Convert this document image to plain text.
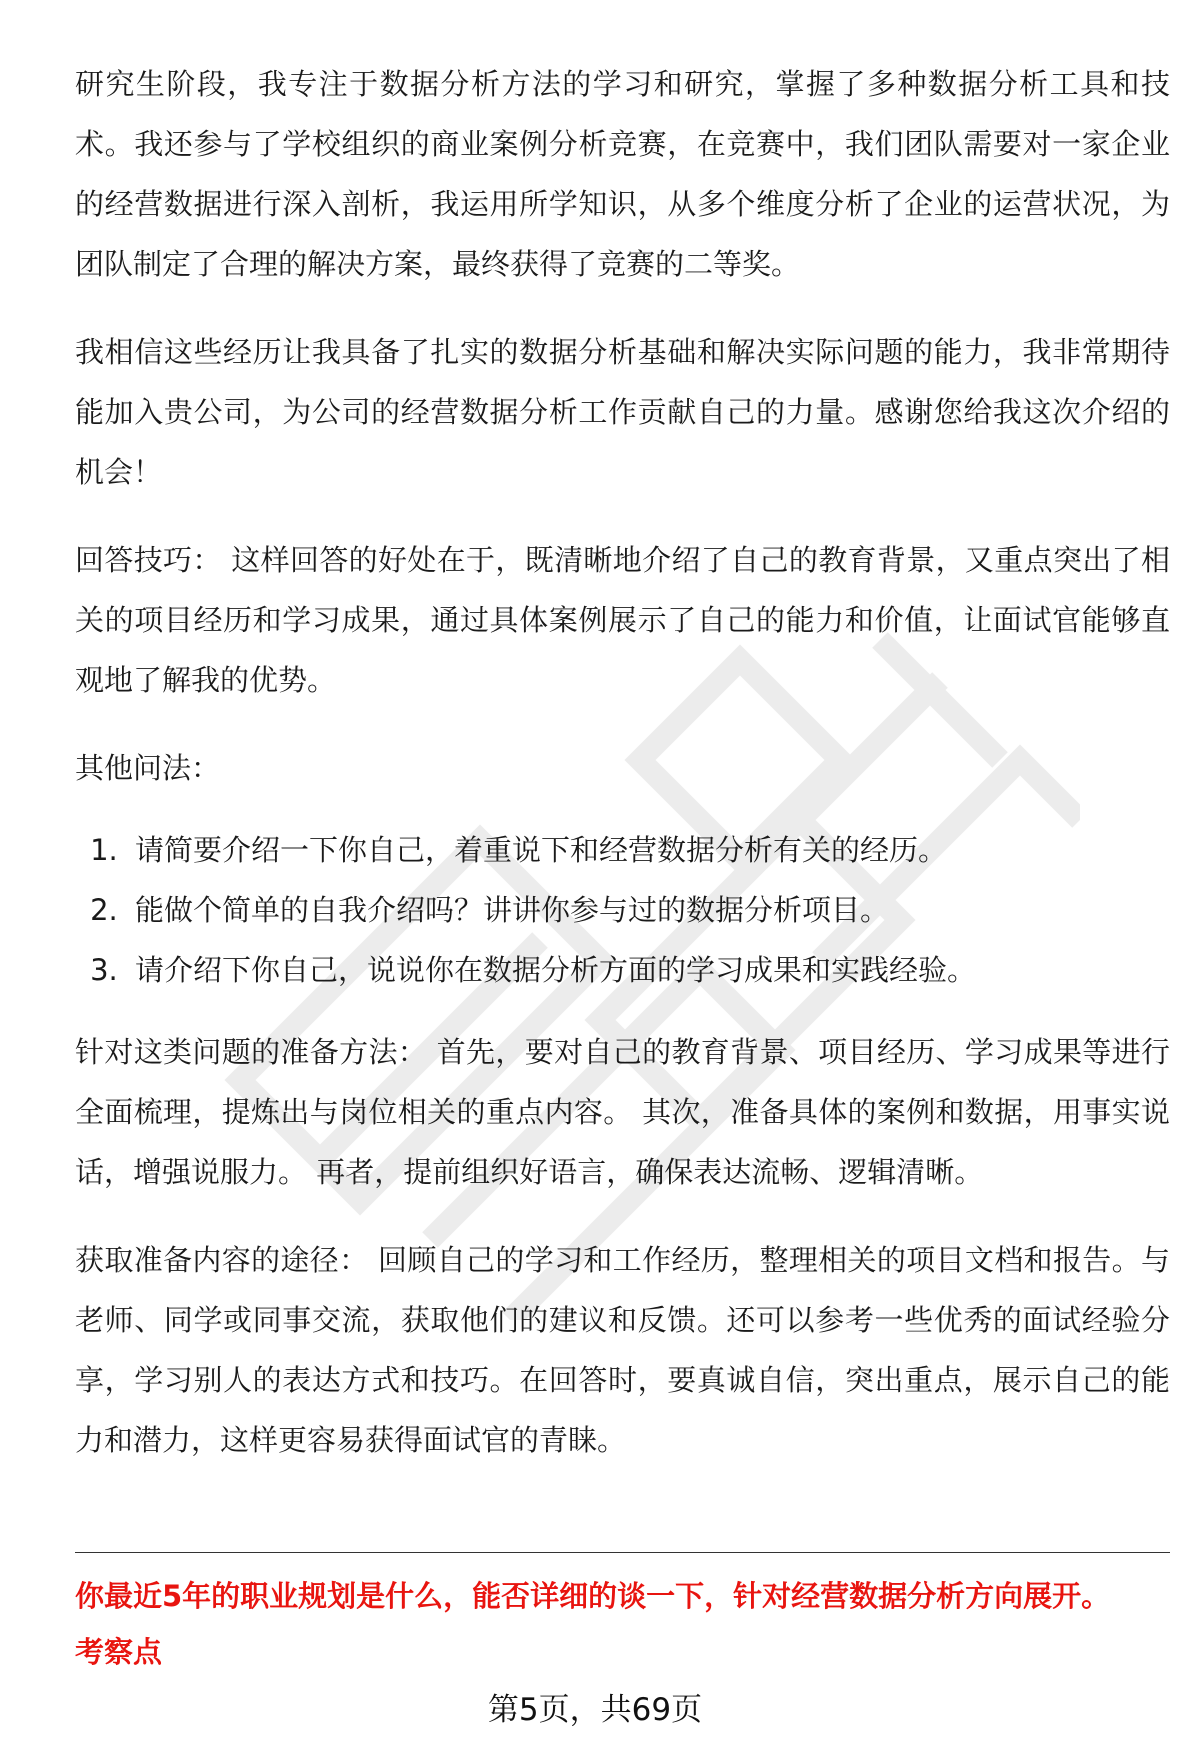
研究生阶段，我专注于数据分析方法的学习和研究，掌握了多种数据分析工具和技术。我还参与了学校组织的商业案例分析竞赛，在竞赛中，我们团队需要对一家企业的经营数据进行深入剖析，我运用所学知识，从多个维度分析了企业的运营状况，为团队制定了合理的解决方案，最终获得了竞赛的二等奖。

我相信这些经历让我具备了扎实的数据分析基础和解决实际问题的能力，我非常期待能加入贵公司，为公司的经营数据分析工作贡献自己的力量。感谢您给我这次介绍的机会！

回答技巧： 这样回答的好处在于，既清晰地介绍了自己的教育背景，又重点突出了相关的项目经历和学习成果，通过具体案例展示了自己的能力和价值，让面试官能够直观地了解我的优势。

其他问法：

1. 请简要介绍一下你自己，着重说下和经营数据分析有关的经历。
2. 能做个简单的自我介绍吗？讲讲你参与过的数据分析项目。
3. 请介绍下你自己，说说你在数据分析方面的学习成果和实践经验。

针对这类问题的准备方法： 首先，要对自己的教育背景、项目经历、学习成果等进行全面梳理，提炼出与岗位相关的重点内容。 其次，准备具体的案例和数据，用事实说话，增强说服力。 再者，提前组织好语言，确保表达流畅、逻辑清晰。

获取准备内容的途径： 回顾自己的学习和工作经历，整理相关的项目文档和报告。与老师、同学或同事交流，获取他们的建议和反馈。还可以参考一些优秀的面试经验分享，学习别人的表达方式和技巧。在回答时，要真诚自信，突出重点，展示自己的能力和潜力，这样更容易获得面试官的青睐。

你最近5年的职业规划是什么，能否详细的谈一下，针对经营数据分析方向展开。

考察点

第5页，共69页
